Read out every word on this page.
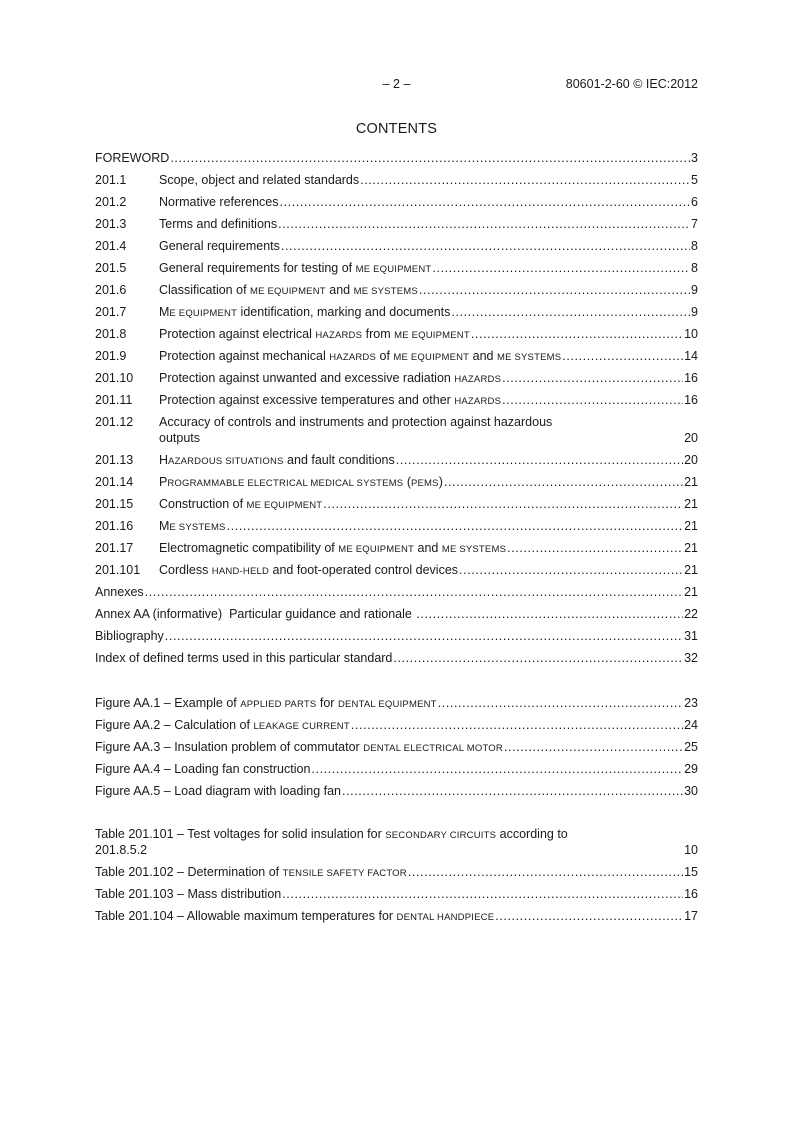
– 2 –	80601-2-60 © IEC:2012
CONTENTS
FOREWORD .....	3
201.1	Scope, object and related standards .....	5
201.2	Normative references .....	6
201.3	Terms and definitions .....	7
201.4	General requirements .....	8
201.5	General requirements for testing of ME EQUIPMENT .....	8
201.6	Classification of ME EQUIPMENT and ME SYSTEMS .....	9
201.7	ME EQUIPMENT identification, marking and documents .....	9
201.8	Protection against electrical HAZARDS from ME EQUIPMENT .....	10
201.9	Protection against mechanical HAZARDS of ME EQUIPMENT and ME SYSTEMS .....	14
201.10	Protection against unwanted and excessive radiation HAZARDS .....	16
201.11	Protection against excessive temperatures and other HAZARDS .....	16
201.12	Accuracy of controls and instruments and protection against hazardous
outputs	20
201.13	HAZARDOUS SITUATIONS and fault conditions .....	20
201.14	PROGRAMMABLE ELECTRICAL MEDICAL SYSTEMS (PEMS) .....	21
201.15	Construction of ME EQUIPMENT .....	21
201.16	ME SYSTEMS .....	21
201.17	Electromagnetic compatibility of ME EQUIPMENT and ME SYSTEMS .....	21
201.101	Cordless HAND-HELD and foot-operated control devices .....	21
Annexes .....	21
Annex AA (informative)  Particular guidance and rationale .....	22
Bibliography .....	31
Index of defined terms used in this particular standard .....	32
Figure AA.1 – Example of APPLIED PARTS for DENTAL EQUIPMENT .....	23
Figure AA.2 – Calculation of LEAKAGE CURRENT .....	24
Figure AA.3 – Insulation problem of commutator DENTAL ELECTRICAL MOTOR .....	25
Figure AA.4 – Loading fan construction .....	29
Figure AA.5 – Load diagram with loading fan .....	30
Table 201.101 – Test voltages for solid insulation for SECONDARY CIRCUITS according to
201.8.5.2	10
Table 201.102 – Determination of TENSILE SAFETY FACTOR .....	15
Table 201.103 – Mass distribution .....	16
Table 201.104 – Allowable maximum temperatures for DENTAL HANDPIECE .....	17
